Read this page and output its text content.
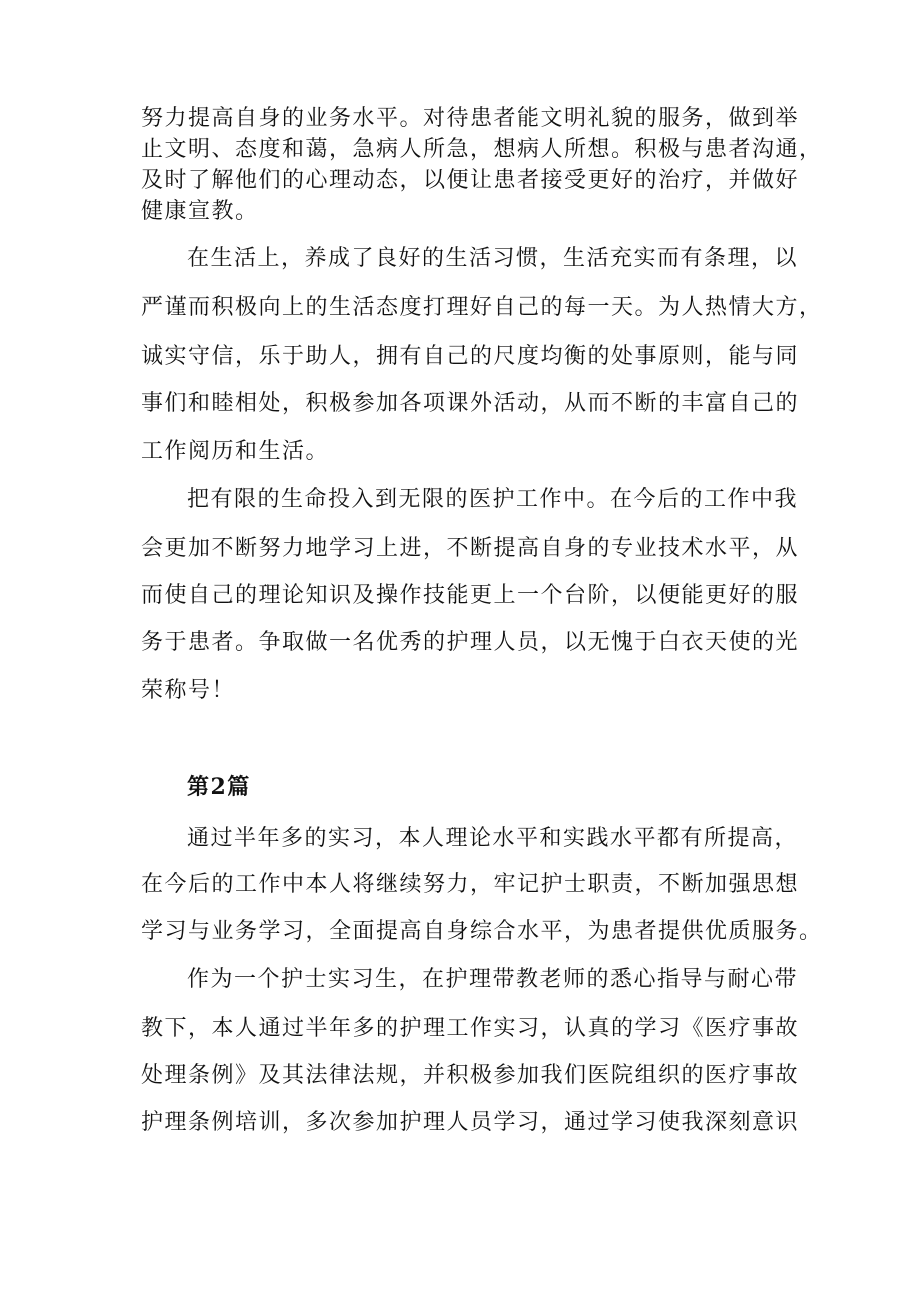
努力提高自身的业务水平。对待患者能文明礼貌的服务，做到举
止文明、态度和蔼，急病人所急，想病人所想。积极与患者沟通，
及时了解他们的心理动态，以便让患者接受更好的治疗，并做好
健康宣教。
在生活上，养成了良好的生活习惯，生活充实而有条理，以
严谨而积极向上的生活态度打理好自己的每一天。为人热情大方，
诚实守信，乐于助人，拥有自己的尺度均衡的处事原则，能与同
事们和睦相处，积极参加各项课外活动，从而不断的丰富自己的
工作阅历和生活。
把有限的生命投入到无限的医护工作中。在今后的工作中我
会更加不断努力地学习上进，不断提高自身的专业技术水平，从
而使自己的理论知识及操作技能更上一个台阶，以便能更好的服
务于患者。争取做一名优秀的护理人员，以无愧于白衣天使的光
荣称号！
第2篇
通过半年多的实习，本人理论水平和实践水平都有所提高，
在今后的工作中本人将继续努力，牢记护士职责，不断加强思想
学习与业务学习，全面提高自身综合水平，为患者提供优质服务。
作为一个护士实习生，在护理带教老师的悉心指导与耐心带
教下，本人通过半年多的护理工作实习，认真的学习《医疗事故
处理条例》及其法律法规，并积极参加我们医院组织的医疗事故
护理条例培训，多次参加护理人员学习，通过学习使我深刻意识
